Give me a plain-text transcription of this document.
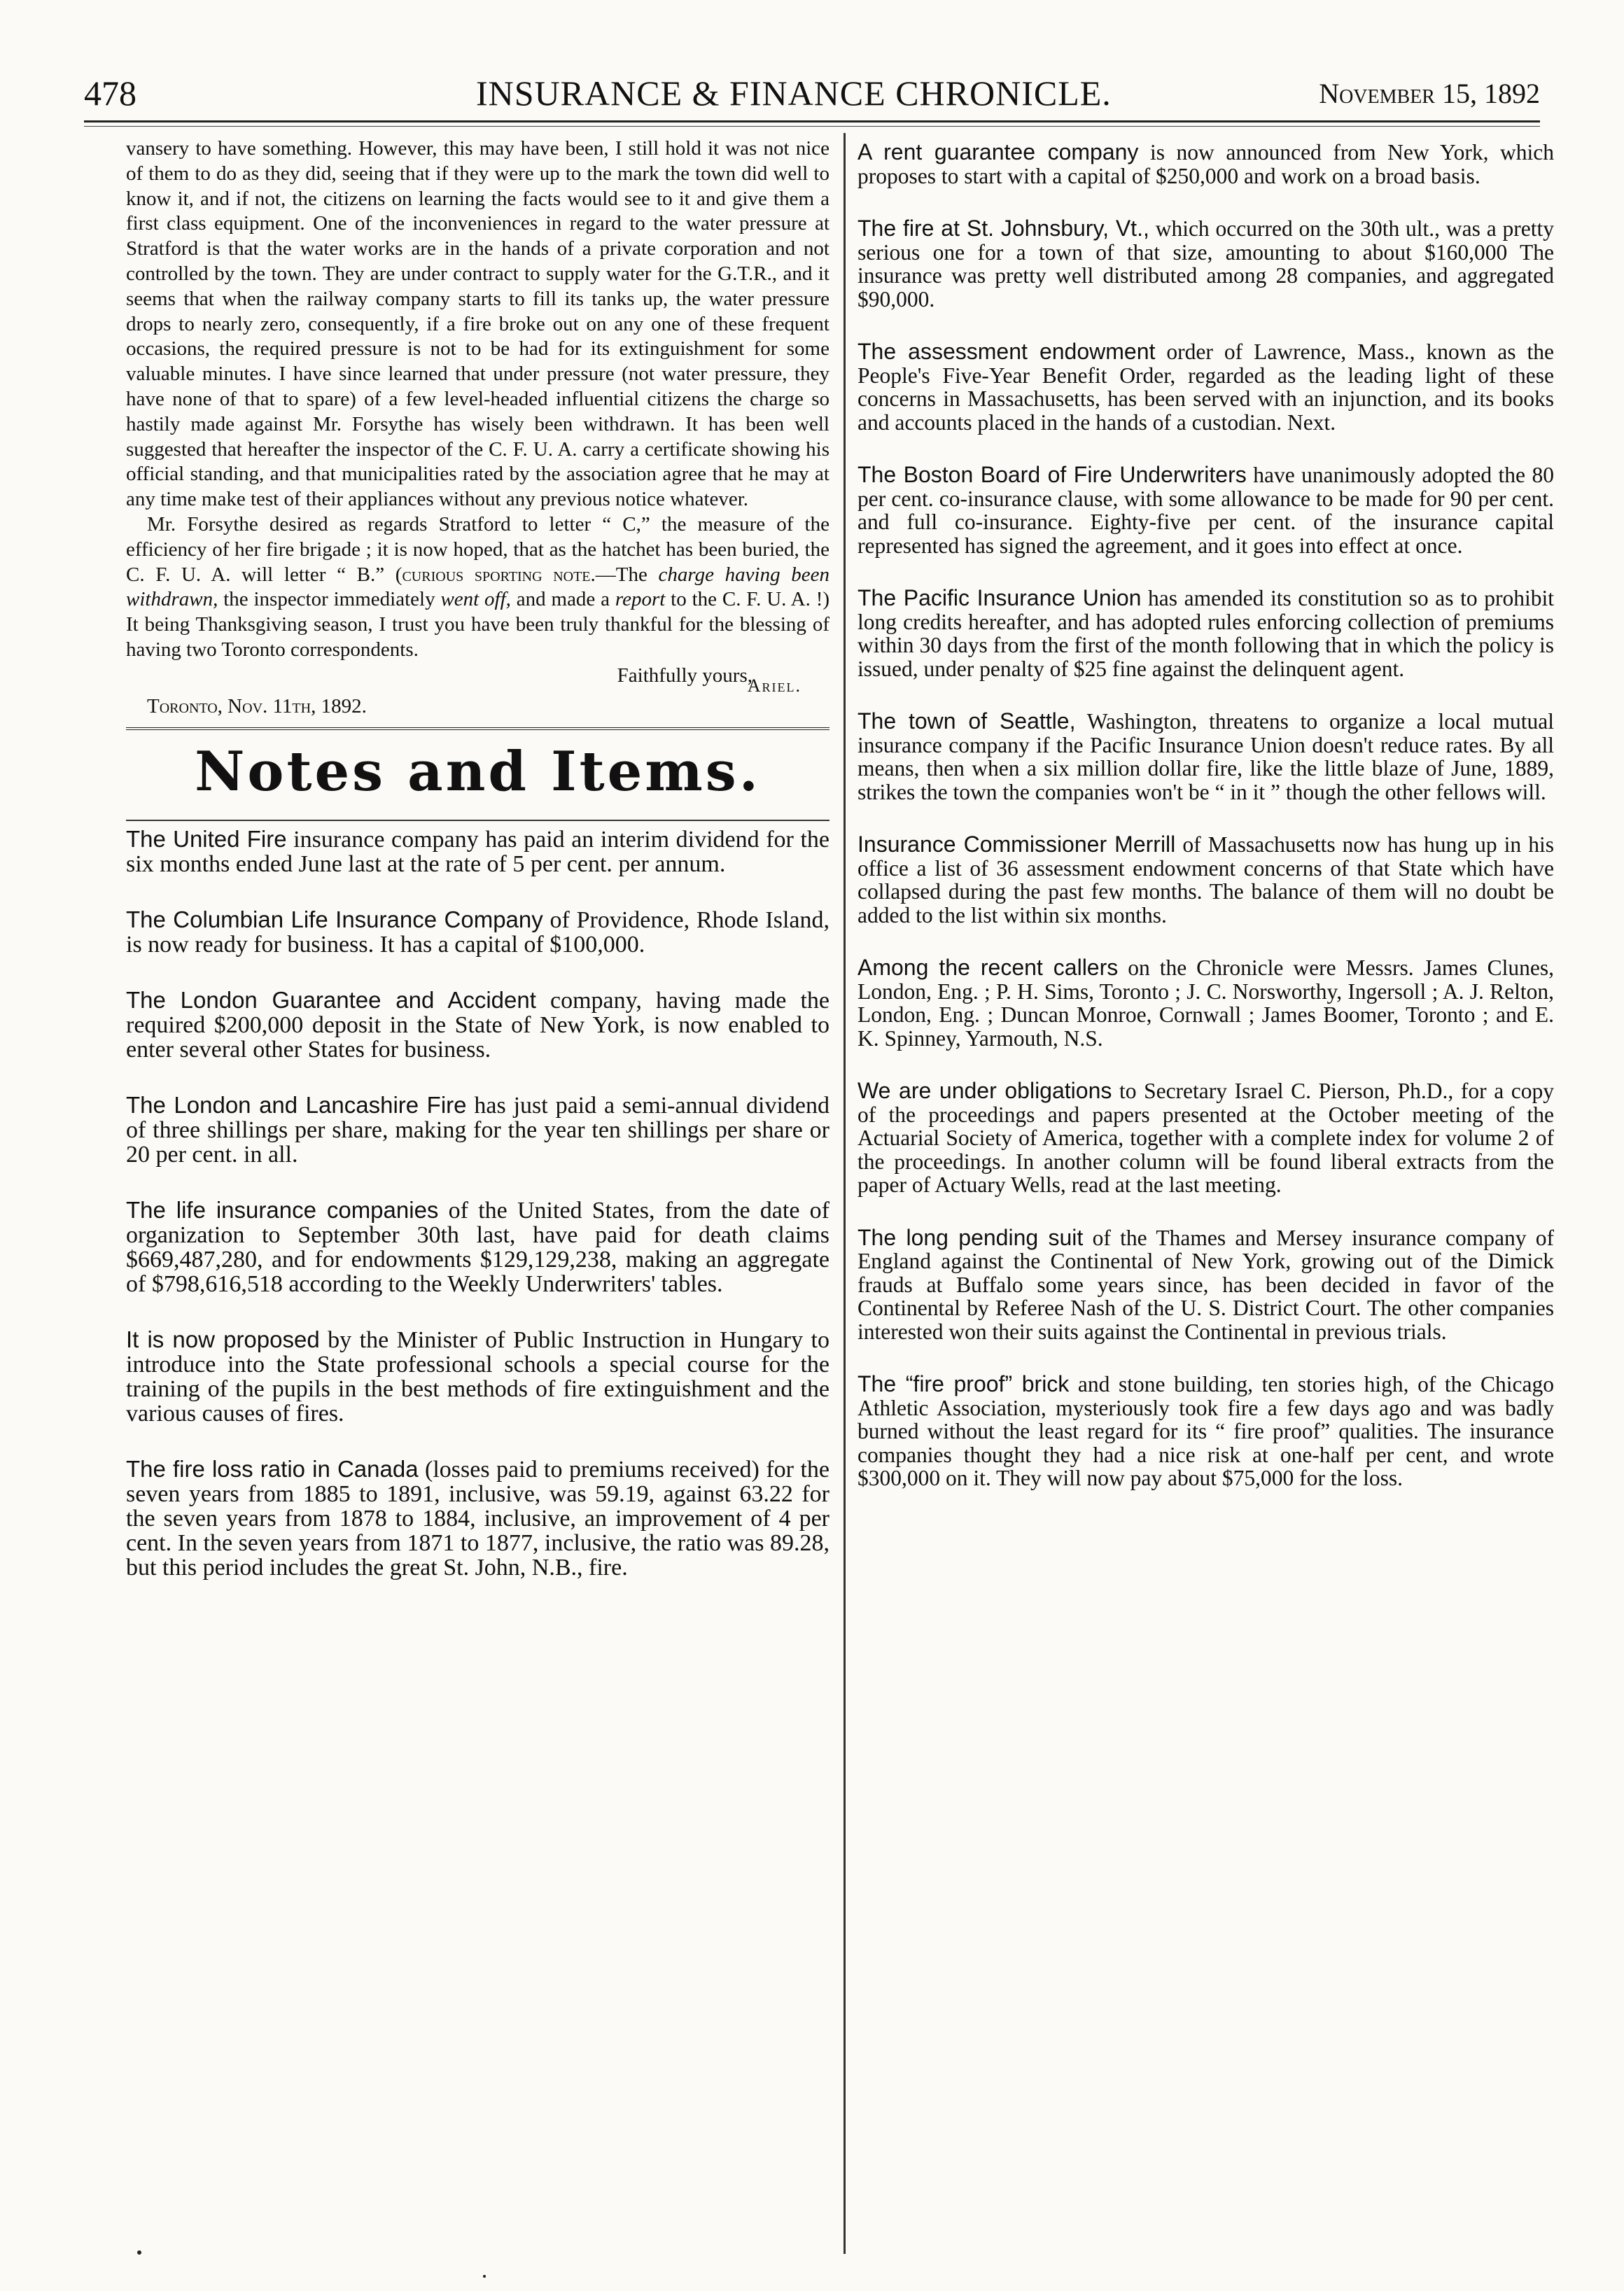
478	INSURANCE & FINANCE CHRONICLE.	November 15, 1892

vansery to have something. However, this may have been, I still hold it was not nice of them to do as they did, seeing that if they were up to the mark the town did well to know it, and if not, the citizens on learning the facts would see to it and give them a first class equipment. One of the inconveniences in regard to the water pressure at Stratford is that the water works are in the hands of a private corporation and not controlled by the town. They are under contract to supply water for the G.T.R., and it seems that when the railway company starts to fill its tanks up, the water pressure drops to nearly zero, consequently, if a fire broke out on any one of these frequent occasions, the required pressure is not to be had for its extinguishment for some valuable minutes. I have since learned that under pressure (not water pressure, they have none of that to spare) of a few level-headed influential citizens the charge so hastily made against Mr. Forsythe has wisely been withdrawn. It has been well suggested that hereafter the inspector of the C. F. U. A. carry a certificate showing his official standing, and that municipalities rated by the association agree that he may at any time make test of their appliances without any previous notice whatever.

Mr. Forsythe desired as regards Stratford to letter “ C,” the measure of the efficiency of her fire brigade ; it is now hoped, that as the hatchet has been buried, the C. F. U. A. will letter “ B.” (curious sporting note.—The charge having been withdrawn, the inspector immediately went off, and made a report to the C. F. U. A. !) It being Thanksgiving season, I trust you have been truly thankful for the blessing of having two Toronto correspondents.

Faithfully yours,
Ariel.
Toronto, Nov. 11th, 1892.
Notes and Items.

The United Fire insurance company has paid an interim dividend for the six months ended June last at the rate of 5 per cent. per annum.

The Columbian Life Insurance Company of Providence, Rhode Island, is now ready for business. It has a capital of $100,000.

The London Guarantee and Accident company, having made the required $200,000 deposit in the State of New York, is now enabled to enter several other States for business.

The London and Lancashire Fire has just paid a semi-annual dividend of three shillings per share, making for the year ten shillings per share or 20 per cent. in all.

The life insurance companies of the United States, from the date of organization to September 30th last, have paid for death claims $669,487,280, and for endowments $129,129,238, making an aggregate of $798,616,518 according to the Weekly Underwriters' tables.

It is now proposed by the Minister of Public Instruction in Hungary to introduce into the State professional schools a special course for the training of the pupils in the best methods of fire extinguishment and the various causes of fires.

The fire loss ratio in Canada (losses paid to premiums received) for the seven years from 1885 to 1891, inclusive, was 59.19, against 63.22 for the seven years from 1878 to 1884, inclusive, an improvement of 4 per cent. In the seven years from 1871 to 1877, inclusive, the ratio was 89.28, but this period includes the great St. John, N.B., fire.

A rent guarantee company is now announced from New York, which proposes to start with a capital of $250,000 and work on a broad basis.

The fire at St. Johnsbury, Vt., which occurred on the 30th ult., was a pretty serious one for a town of that size, amounting to about $160,000 The insurance was pretty well distributed among 28 companies, and aggregated $90,000.

The assessment endowment order of Lawrence, Mass., known as the People's Five-Year Benefit Order, regarded as the leading light of these concerns in Massachusetts, has been served with an injunction, and its books and accounts placed in the hands of a custodian. Next.

The Boston Board of Fire Underwriters have unanimously adopted the 80 per cent. co-insurance clause, with some allowance to be made for 90 per cent. and full co-insurance. Eighty-five per cent. of the insurance capital represented has signed the agreement, and it goes into effect at once.

The Pacific Insurance Union has amended its constitution so as to prohibit long credits hereafter, and has adopted rules enforcing collection of premiums within 30 days from the first of the month following that in which the policy is issued, under penalty of $25 fine against the delinquent agent.

The town of Seattle, Washington, threatens to organize a local mutual insurance company if the Pacific Insurance Union doesn't reduce rates. By all means, then when a six million dollar fire, like the little blaze of June, 1889, strikes the town the companies won't be “ in it ” though the other fellows will.

Insurance Commissioner Merrill of Massachusetts now has hung up in his office a list of 36 assessment endowment concerns of that State which have collapsed during the past few months. The balance of them will no doubt be added to the list within six months.

Among the recent callers on the Chronicle were Messrs. James Clunes, London, Eng. ; P. H. Sims, Toronto ; J. C. Norsworthy, Ingersoll ; A. J. Relton, London, Eng. ; Duncan Monroe, Cornwall ; James Boomer, Toronto ; and E. K. Spinney, Yarmouth, N.S.

We are under obligations to Secretary Israel C. Pierson, Ph.D., for a copy of the proceedings and papers presented at the October meeting of the Actuarial Society of America, together with a complete index for volume 2 of the proceedings. In another column will be found liberal extracts from the paper of Actuary Wells, read at the last meeting.

The long pending suit of the Thames and Mersey insurance company of England against the Continental of New York, growing out of the Dimick frauds at Buffalo some years since, has been decided in favor of the Continental by Referee Nash of the U. S. District Court. The other companies interested won their suits against the Continental in previous trials.

The “fire proof” brick and stone building, ten stories high, of the Chicago Athletic Association, mysteriously took fire a few days ago and was badly burned without the least regard for its “ fire proof” qualities. The insurance companies thought they had a nice risk at one-half per cent, and wrote $300,000 on it. They will now pay about $75,000 for the loss.
